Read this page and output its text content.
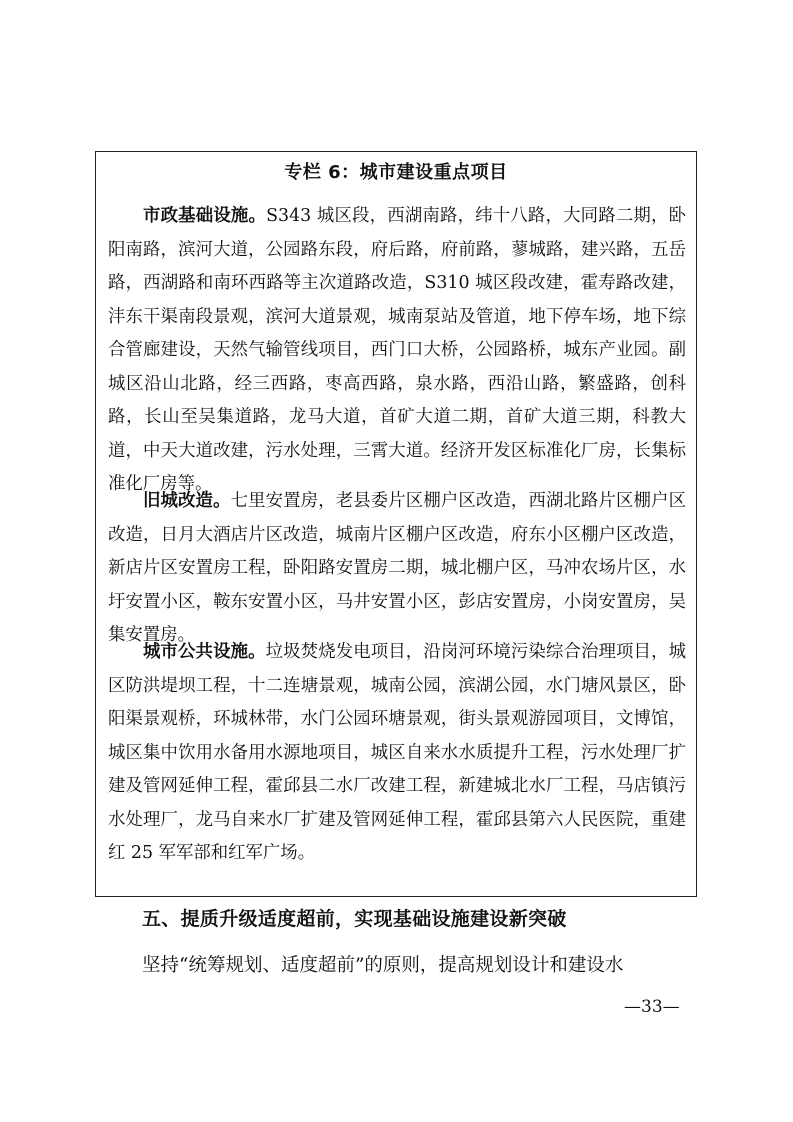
专栏 6：城市建设重点项目
市政基础设施。S343 城区段，西湖南路，纬十八路，大同路二期，卧阳南路，滨河大道，公园路东段，府后路，府前路，蓼城路，建兴路，五岳路，西湖路和南环西路等主次道路改造，S310 城区段改建，霍寿路改建，沣东干渠南段景观，滨河大道景观，城南泵站及管道，地下停车场，地下综合管廊建设，天然气输管线项目，西门口大桥，公园路桥，城东产业园。副城区沿山北路，经三西路，枣高西路，泉水路，西沿山路，繁盛路，创科路，长山至吴集道路，龙马大道，首矿大道二期，首矿大道三期，科教大道，中天大道改建，污水处理，三霄大道。经济开发区标准化厂房，长集标准化厂房等。
旧城改造。七里安置房，老县委片区棚户区改造，西湖北路片区棚户区改造，日月大酒店片区改造，城南片区棚户区改造，府东小区棚户区改造，新店片区安置房工程，卧阳路安置房二期，城北棚户区，马冲农场片区，水圩安置小区，鞍东安置小区，马井安置小区，彭店安置房，小岗安置房，吴集安置房。
城市公共设施。垃圾焚烧发电项目，沿岗河环境污染综合治理项目，城区防洪堤坝工程，十二连塘景观，城南公园，滨湖公园，水门塘风景区，卧阳渠景观桥，环城林带，水门公园环塘景观，街头景观游园项目，文博馆，城区集中饮用水备用水源地项目，城区自来水水质提升工程，污水处理厂扩建及管网延伸工程，霍邱县二水厂改建工程，新建城北水厂工程，马店镇污水处理厂，龙马自来水厂扩建及管网延伸工程，霍邱县第六人民医院，重建红 25 军军部和红军广场。
五、提质升级适度超前，实现基础设施建设新突破
坚持“统筹规划、适度超前”的原则，提高规划设计和建设水
—33—
